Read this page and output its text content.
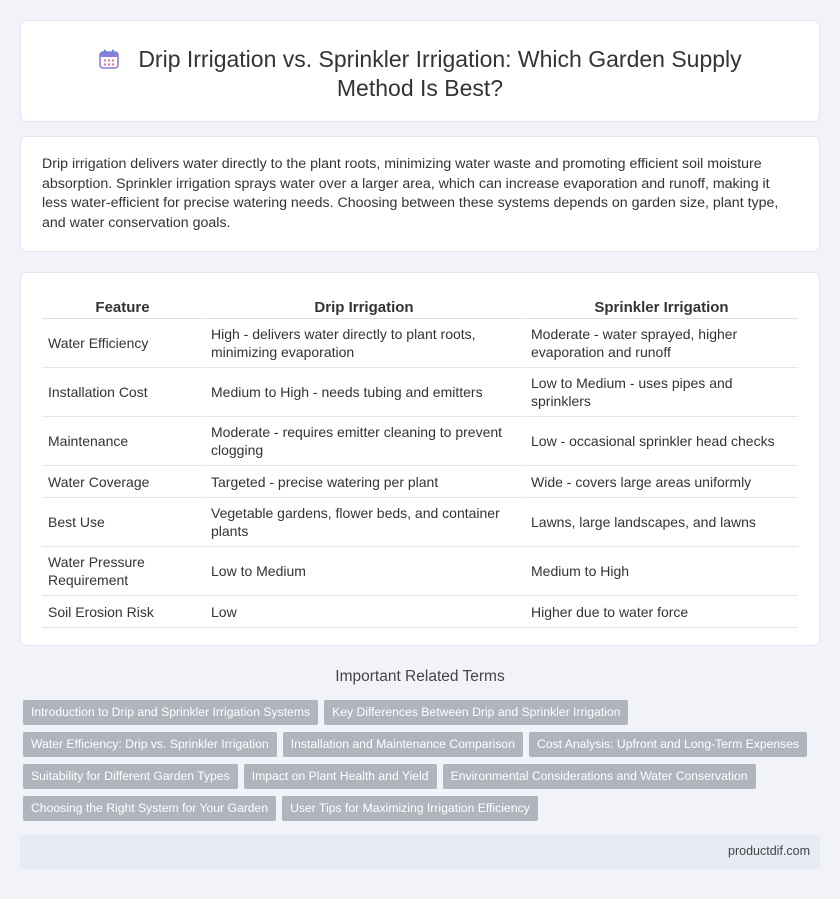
Drip Irrigation vs. Sprinkler Irrigation: Which Garden Supply Method Is Best?

Drip irrigation delivers water directly to the plant roots, minimizing water waste and promoting efficient soil moisture absorption. Sprinkler irrigation sprays water over a larger area, which can increase evaporation and runoff, making it less water-efficient for precise watering needs. Choosing between these systems depends on garden size, plant type, and water conservation goals.

Feature	Drip Irrigation	Sprinkler Irrigation
Water Efficiency	High - delivers water directly to plant roots, minimizing evaporation	Moderate - water sprayed, higher evaporation and runoff
Installation Cost	Medium to High - needs tubing and emitters	Low to Medium - uses pipes and sprinklers
Maintenance	Moderate - requires emitter cleaning to prevent clogging	Low - occasional sprinkler head checks
Water Coverage	Targeted - precise watering per plant	Wide - covers large areas uniformly
Best Use	Vegetable gardens, flower beds, and container plants	Lawns, large landscapes, and lawns
Water Pressure Requirement	Low to Medium	Medium to High
Soil Erosion Risk	Low	Higher due to water force
Important Related Terms
Introduction to Drip and Sprinkler Irrigation Systems Key Differences Between Drip and Sprinkler Irrigation
Water Efficiency: Drip vs. Sprinkler Irrigation Installation and Maintenance Comparison Cost Analysis: Upfront and Long-Term Expenses
Suitability for Different Garden Types Impact on Plant Health and Yield Environmental Considerations and Water Conservation
Choosing the Right System for Your Garden User Tips for Maximizing Irrigation Efficiency
productdif.com
